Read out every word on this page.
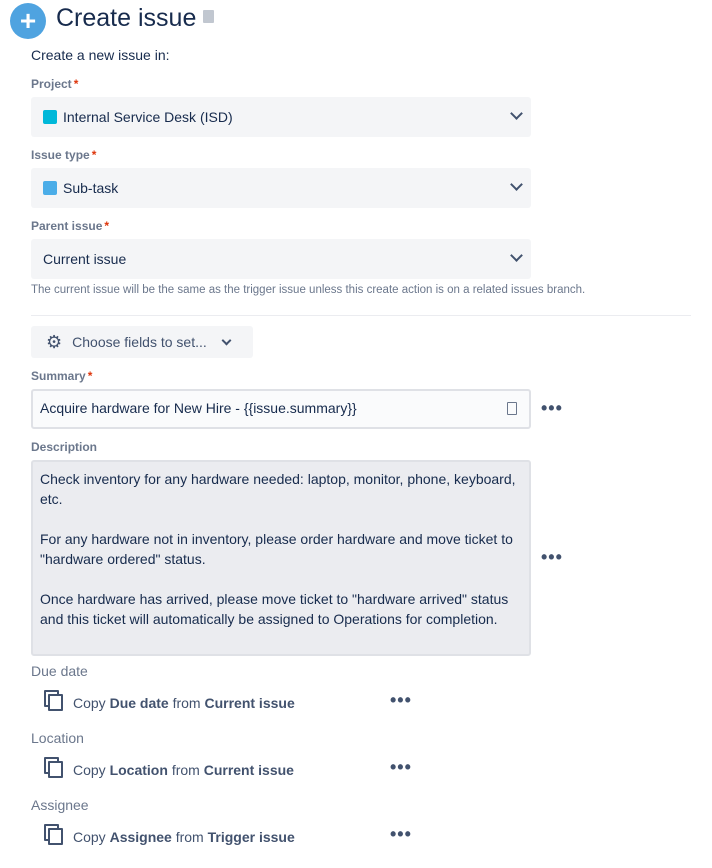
+ Create issue
Create a new issue in:
Project *
Internal Service Desk (ISD)
Issue type *
Sub-task
Parent issue *
Current issue
The current issue will be the same as the trigger issue unless this create action is on a related issues branch.
⚙ Choose fields to set...
Summary *
Acquire hardware for New Hire - {{issue.summary}}	•••
Description

Check inventory for any hardware needed: laptop, monitor, phone, keyboard, etc.

For any hardware not in inventory, please order hardware and move ticket to "hardware ordered" status.

Once hardware has arrived, please move ticket to "hardware arrived" status and this ticket will automatically be assigned to Operations for completion.

•••
Due date
Copy
Due date
from
Current issue	•••
Location
Copy
Location
from
Current issue	•••
Assignee
Copy
Assignee
from
Trigger issue	•••
